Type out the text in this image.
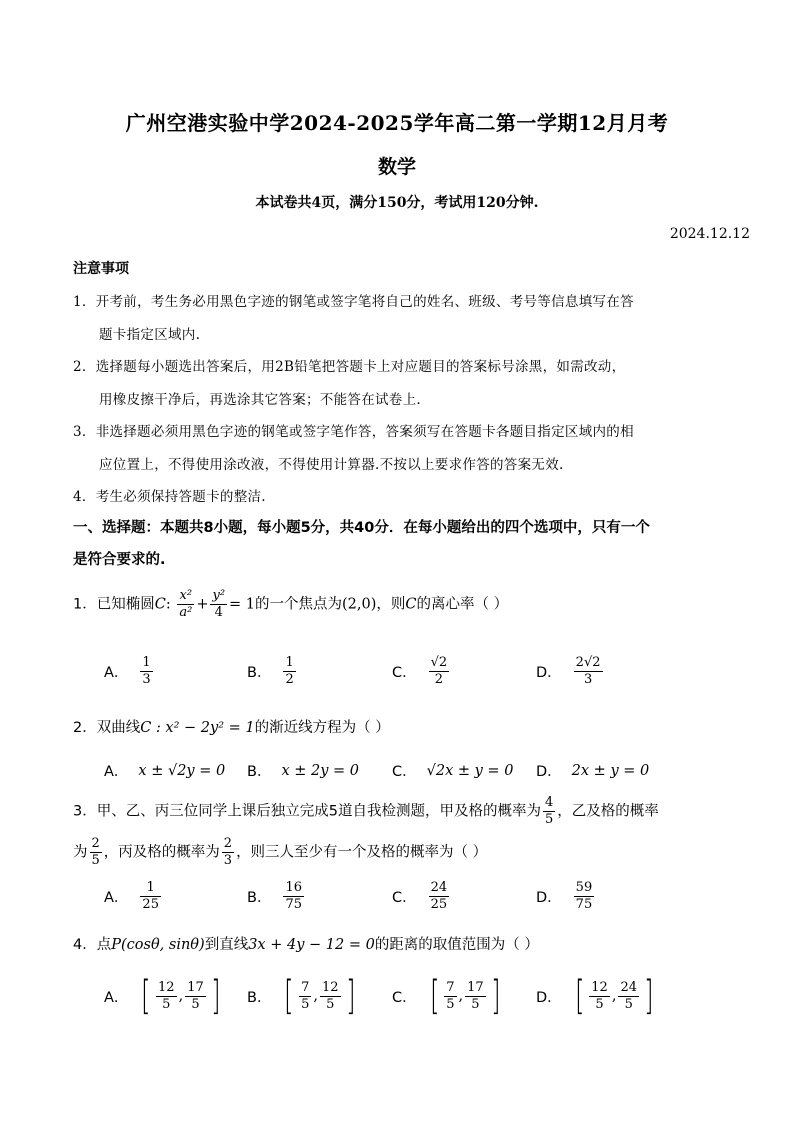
广州空港实验中学2024-2025学年高二第一学期12月月考
数学
本试卷共4页，满分150分，考试用120分钟.
2024.12.12
注意事项
1．开考前，考生务必用黑色字迹的钢笔或签字笔将自己的姓名、班级、考号等信息填写在答
题卡指定区域内.
2．选择题每小题选出答案后，用2B铅笔把答题卡上对应题目的答案标号涂黑，如需改动，
用橡皮擦干净后，再选涂其它答案；不能答在试卷上.
3．非选择题必须用黑色字迹的钢笔或签字笔作答，答案须写在答题卡各题目指定区域内的相
应位置上，不得使用涂改液，不得使用计算器.不按以上要求作答的答案无效.
4．考生必须保持答题卡的整洁.
一、选择题：本题共8小题，每小题5分，共40分．在每小题给出的四个选项中，只有一个
是符合要求的.
1．已知椭圆C: $\frac{\text{x²}}{\text{a²}} + \frac{\text{y²}}{4} = 1$的一个焦点为(2,0)，则C的离心率（ ）
A． $\frac{1}{3}$	B． $\frac{1}{2}$	C． $\frac{√2}{2}$	D． $\frac{2√2}{3}$
2．双曲线C : x² − 2y² = 1的渐近线方程为（ ）
A． x ± √2y = 0 B． x ± 2y = 0 C． √2x ± y = 0 D． 2x ± y = 0
3．甲、乙、丙三位同学上课后独立完成5道自我检测题，甲及格的概率为 $\frac{4}{5}$ ，乙及格的概率
为 $\frac{2}{5}$ ，丙及格的概率为 $\frac{2}{3}$ ，则三人至少有一个及格的概率为（ ）
A． $\frac{1}{25}$	B． $\frac{16}{75}$	C． $\frac{24}{25}$	D． $\frac{59}{75}$
4．点P(cosθ, sinθ)到直线3x + 4y − 12 = 0的距离的取值范围为（ ）
A． [ $\frac{12}{5}$ , $\frac{17}{5}$ ] B． [ $\frac{7}{5}$ , $\frac{12}{5}$ ]	C． [ $\frac{7}{5}$ , $\frac{17}{5}$ ] D． [ $\frac{12}{5}$ , $\frac{24}{5}$ ]
